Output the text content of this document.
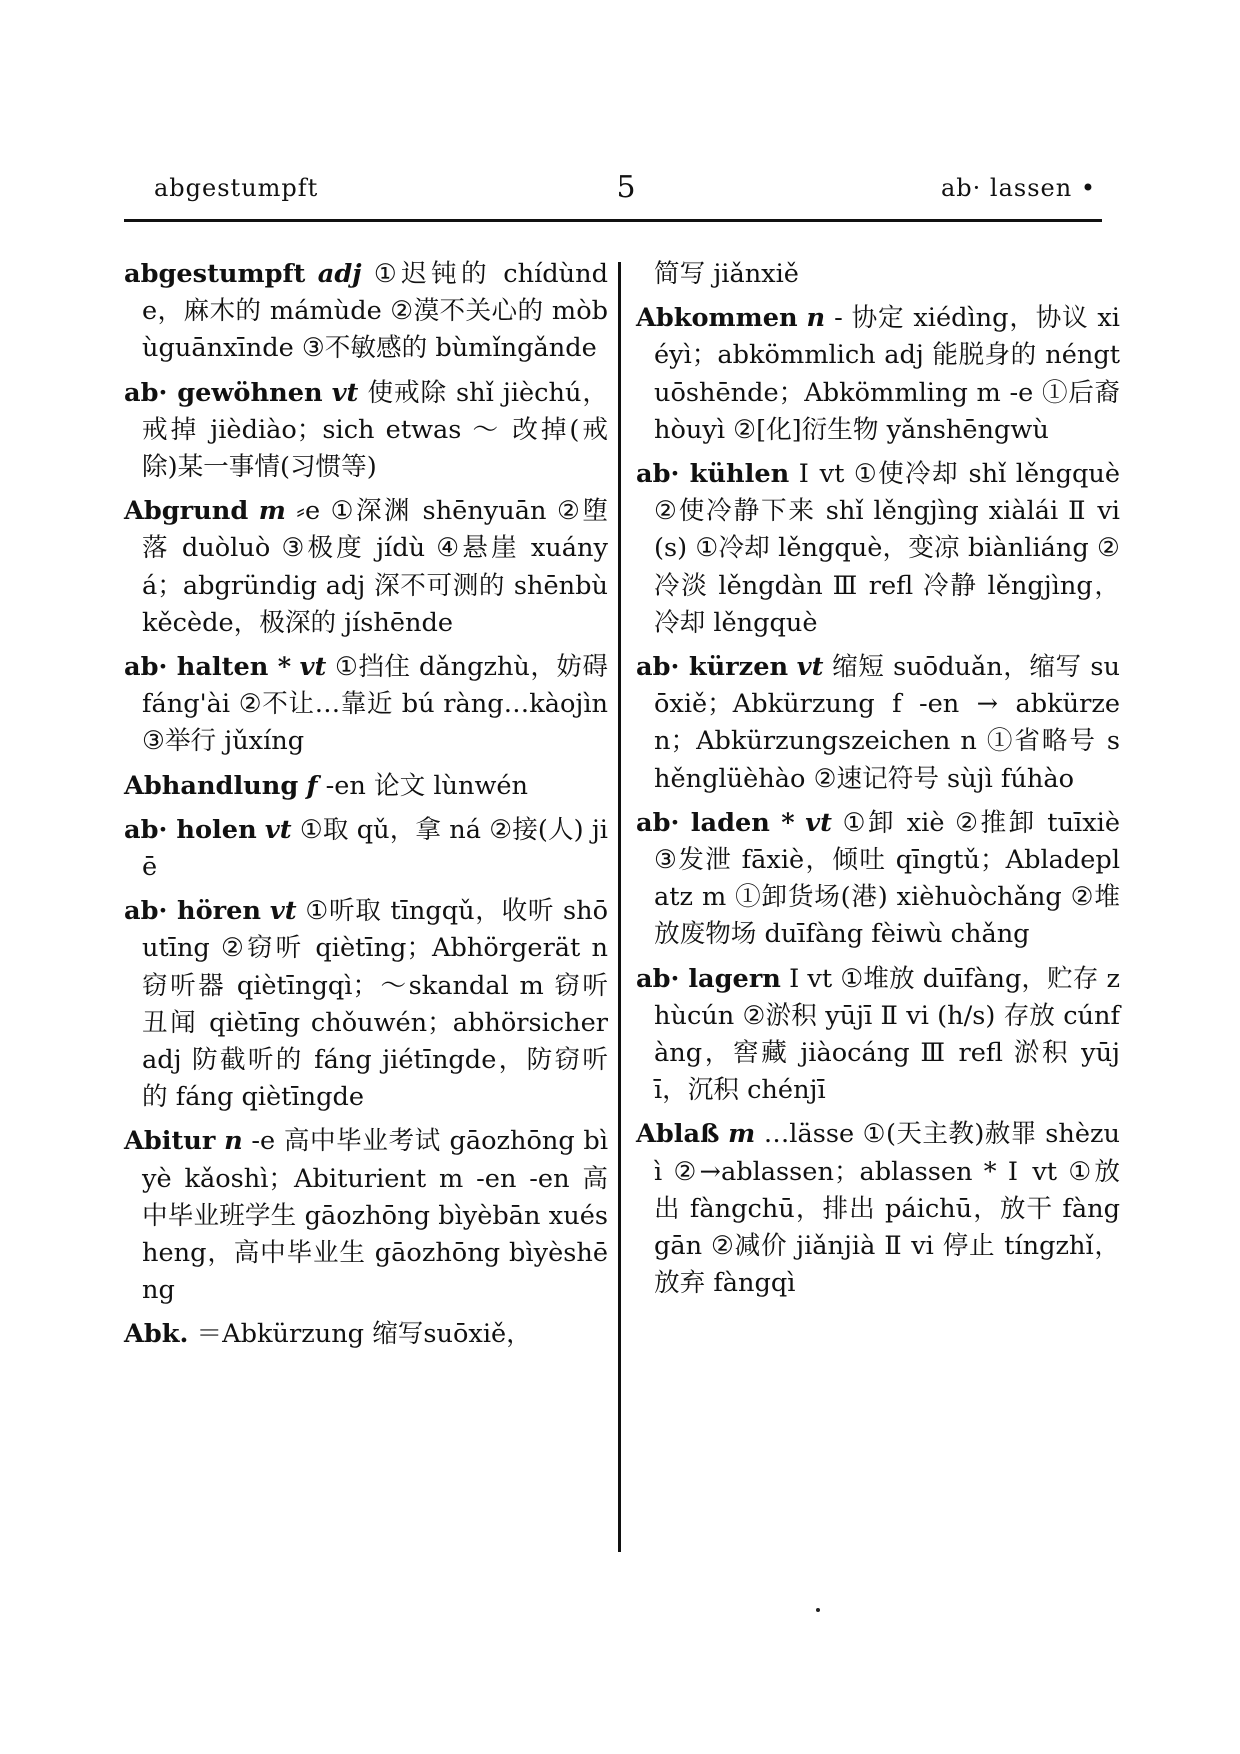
abgestumpft	5	ab· lassen •

abgestumpft adj ①迟钝的 chídùnde，麻木的 mámùde ②漠不关心的 mòbùguānxīnde ③不敏感的 bùmǐngǎnde

ab· gewöhnen vt 使戒除 shǐ jièchú，戒掉 jièdiào；sich etwas ～ 改掉(戒除)某一事情(习惯等)

Abgrund m ⸗e ①深渊 shēnyuān ②堕落 duòluò ③极度 jídù ④悬崖 xuányá；abgründig adj 深不可测的 shēnbùkěcède，极深的 jíshēnde

ab· halten * vt ①挡住 dǎngzhù，妨碍 fáng'ài ②不让…靠近 bú ràng…kàojìn ③举行 jǔxíng

Abhandlung f -en 论文 lùnwén

ab· holen vt ①取 qǔ，拿 ná ②接(人) jiē

ab· hören vt ①听取 tīngqǔ，收听 shōutīng ②窃听 qiètīng；Abhörgerät n 窃听器 qiètīngqì；～skandal m 窃听丑闻 qiètīng chǒuwén；abhörsicher adj 防截听的 fáng jiétīngde，防窃听的 fáng qiètīngde

Abitur n -e 高中毕业考试 gāozhōng bìyè kǎoshì；Abiturient m -en -en 高中毕业班学生 gāozhōng bìyèbān xuésheng，高中毕业生 gāozhōng bìyèshēng

Abk. ＝Abkürzung 缩写suōxiě，

简写 jiǎnxiě

Abkommen n - 协定 xiédìng，协议 xiéyì；abkömmlich adj 能脱身的 néngtuōshēnde；Abkömmling m -e ①后裔 hòuyì ②[化]衍生物 yǎnshēngwù

ab· kühlen Ⅰ vt ①使冷却 shǐ lěngquè ②使冷静下来 shǐ lěngjìng xiàlái Ⅱ vi (s) ①冷却 lěngquè，变凉 biànliáng ②冷淡 lěngdàn Ⅲ refl 冷静 lěngjìng，冷却 lěngquè

ab· kürzen vt 缩短 suōduǎn，缩写 suōxiě；Abkürzung f -en → abkürzen；Abkürzungszeichen n ①省略号 shěnglüèhào ②速记符号 sùjì fúhào

ab· laden * vt ①卸 xiè ②推卸 tuīxiè ③发泄 fāxiè，倾吐 qīngtǔ；Abladeplatz m ①卸货场(港) xièhuòchǎng ②堆放废物场 duīfàng fèiwù chǎng

ab· lagern Ⅰ vt ①堆放 duīfàng，贮存 zhùcún ②淤积 yūjī Ⅱ vi (h/s) 存放 cúnfàng，窖藏 jiàocáng Ⅲ refl 淤积 yūjī，沉积 chénjī

Ablaß m …lässe ①(天主教)赦罪 shèzuì ②→ablassen；ablassen * Ⅰ vt ①放出 fàngchū，排出 páichū，放干 fànggān ②减价 jiǎnjià Ⅱ vi 停止 tíngzhǐ，放弃 fàngqì
